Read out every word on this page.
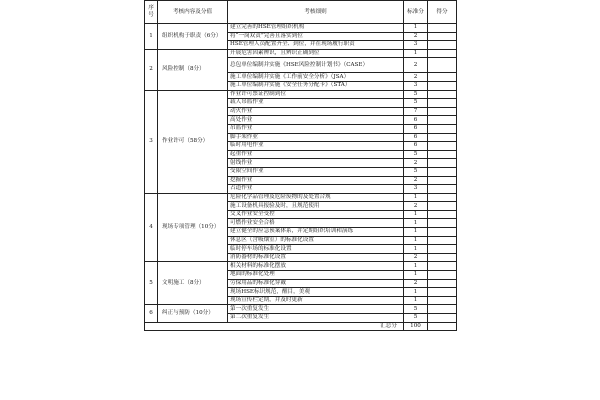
序号	考核内容及分值	考核细则	标准分	得分
1	组织机构于职责（6分）	建立完善的HSE管理组织机构	1	
		将“一岗双责”完善且落实到位	2	
		HSE管理人员配置齐全、到位，并在现场履行职责	3	
2	风险控制（8分）	开展危害因素辨识，且辨识正确到位	1	
		总包单位编制并实施《HSE风险控制计划书》（CASE）	2	
		施工单位编制并实施《工作前安全分析》（JSA）	2	
		施工单位编制并实施《安全任务分配卡》（STA）	3	
3	作业许可（58分）	作业许可票证控制到位	5	
		载人吊篮作业	5	
		动火作业	7	
		高处作业	6	
		吊篮作业	6	
		脚手架作业	6	
		临时用电作业	6	
		起重作业	5	
		射线作业	2	
		受限空间作业	5	
		挖掘作业	2	
		占道作业	3	
4	现场专项管理（10分）	危险化学品管理及危险废物的及处置合规	1	
		施工设备机具报验及时，且规范使用	2	
		交叉作业安全受控	1	
		可燃作业安全合格	1	
		建立健全的应急预案体系，并定期组织培训和演练	1	
		休息区（含吸烟室）的标准化设置	1	
		临时停车场的标准化设置	1	
		消防器材的标准化设置	2	
5	文明施工（8分）	相关材料的标准化摆放	1	
		地面的标准化处理	1	
		劳保用品的标准化穿戴	2	
		现场HSE标识规范，醒目，美观	1	
		现场宣传栏定期，并及时更新	1	
6	纠正与预防（10分）	第一次重复发生	5	
		第二次重复发生	5	
汇总分			100	
